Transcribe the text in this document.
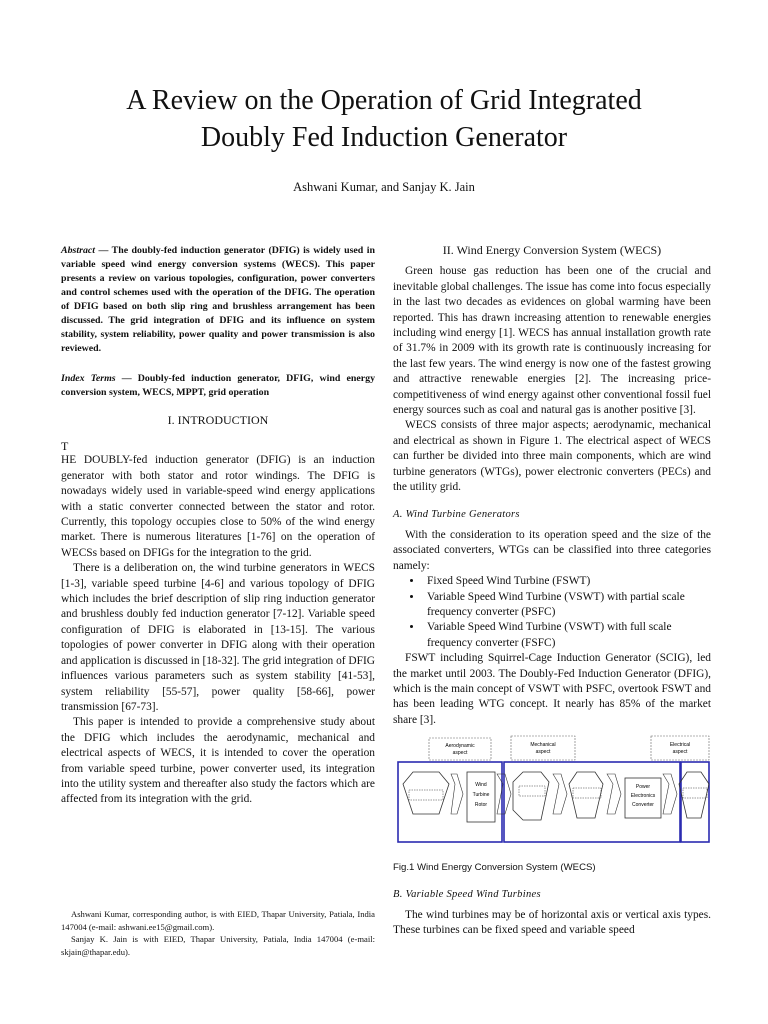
A Review on the Operation of Grid Integrated
Doubly Fed Induction Generator
Ashwani Kumar, and Sanjay K. Jain

Abstract — The doubly-fed induction generator (DFIG) is widely used in variable speed wind energy conversion systems (WECS). This paper presents a review on various topologies, configuration, power converters and control schemes used with the operation of the DFIG. The operation of DFIG based on both slip ring and brushless arrangement has been discussed. The grid integration of DFIG and its influence on system stability, system reliability, power quality and power transmission is also reviewed.

Index Terms — Doubly-fed induction generator, DFIG, wind energy conversion system, WECS, MPPT, grid operation

I. INTRODUCTION
T

HE DOUBLY-fed induction generator (DFIG) is an induction generator with both stator and rotor windings. The DFIG is nowadays widely used in variable-speed wind energy applications with a static converter connected between the stator and rotor. Currently, this topology occupies close to 50% of the wind energy market. There is numerous literatures [1-76] on the operation of WECSs based on DFIGs for the integration to the grid.

There is a deliberation on, the wind turbine generators in WECS [1-3], variable speed turbine [4-6] and various topology of DFIG which includes the brief description of slip ring induction generator and brushless doubly fed induction generator [7-12]. Variable speed configuration of DFIG is elaborated in [13-15]. The various topologies of power converter in DFIG along with their operation and application is discussed in [18-32]. The grid integration of DFIG influences various parameters such as system stability [41-53], system reliability [55-57], power quality [58-66], power transmission [67-73].

This paper is intended to provide a comprehensive study about the DFIG which includes the aerodynamic, mechanical and electrical aspects of WECS, it is intended to cover the operation from variable speed turbine, power converter used, its integration into the utility system and thereafter also study the factors which are affected from its integration with the grid.

Ashwani Kumar, corresponding author, is with EIED, Thapar University, Patiala, India 147004 (e-mail: ashwani.ee15@gmail.com).

Sanjay K. Jain is with EIED, Thapar University, Patiala, India 147004 (e-mail: skjain@thapar.edu).

II. Wind Energy Conversion System (WECS)

Green house gas reduction has been one of the crucial and inevitable global challenges. The issue has come into focus especially in the last two decades as evidences on global warming have been reported. This has drawn increasing attention to renewable energies including wind energy [1]. WECS has annual installation growth rate of 31.7% in 2009 with its growth rate is continuously increasing for the last few years. The wind energy is now one of the fastest growing and attractive renewable energies [2]. The increasing price-competitiveness of wind energy against other conventional fossil fuel energy sources such as coal and natural gas is another positive [3].

WECS consists of three major aspects; aerodynamic, mechanical and electrical as shown in Figure 1. The electrical aspect of WECS can further be divided into three main components, which are wind turbine generators (WTGs), power electronic converters (PECs) and the utility grid.

A. Wind Turbine Generators

With the consideration to its operation speed and the size of the associated converters, WTGs can be classified into three categories namely:

• Fixed Speed Wind Turbine (FSWT)
• Variable Speed Wind Turbine (VSWT) with partial scale frequency converter (PSFC)
• Variable Speed Wind Turbine (VSWT) with full scale frequency converter (FSFC)

FSWT including Squirrel-Cage Induction Generator (SCIG), led the market until 2003. The Doubly-Fed Induction Generator (DFIG), which is the main concept of VSWT with PSFC, overtook FSWT and has been leading WTG concept. It nearly has 85% of the market share [3].

Aerodynamic
aspect
Mechanical
aspect
Electrical
aspect
Wind
Turbine
Rotor
Power
Electronics
Converter
Fig.1 Wind Energy Conversion System (WECS)
B. Variable Speed Wind Turbines

The wind turbines may be of horizontal axis or vertical axis types. These turbines can be fixed speed and variable speed
